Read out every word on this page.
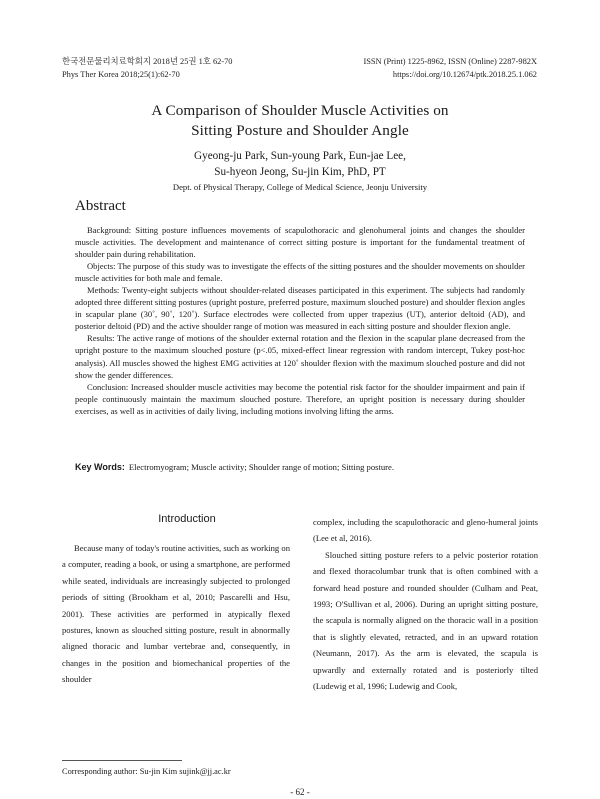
한국전문물리치료학회지 2018년 25권 1호 62-70
Phys Ther Korea 2018;25(1):62-70
ISSN (Print) 1225-8962, ISSN (Online) 2287-982X
https://doi.org/10.12674/ptk.2018.25.1.062
A Comparison of Shoulder Muscle Activities on
Sitting Posture and Shoulder Angle
Gyeong-ju Park, Sun-young Park, Eun-jae Lee,
Su-hyeon Jeong, Su-jin Kim, PhD, PT
Dept. of Physical Therapy, College of Medical Science, Jeonju University
Abstract

Background: Sitting posture influences movements of scapulothoracic and glenohumeral joints and changes the shoulder muscle activities. The development and maintenance of correct sitting posture is important for the fundamental treatment of shoulder pain during rehabilitation.

Objects: The purpose of this study was to investigate the effects of the sitting postures and the shoulder movements on shoulder muscle activities for both male and female.

Methods: Twenty-eight subjects without shoulder-related diseases participated in this experiment. The subjects had randomly adopted three different sitting postures (upright posture, preferred posture, maximum slouched posture) and shoulder flexion angles in scapular plane (30˚, 90˚, 120˚). Surface electrodes were collected from upper trapezius (UT), anterior deltoid (AD), and posterior deltoid (PD) and the active shoulder range of motion was measured in each sitting posture and shoulder flexion angle.

Results: The active range of motions of the shoulder external rotation and the flexion in the scapular plane decreased from the upright posture to the maximum slouched posture (p<.05, mixed-effect linear regression with random intercept, Tukey post-hoc analysis). All muscles showed the highest EMG activities at 120˚ shoulder flexion with the maximum slouched posture and did not show the gender differences.

Conclusion: Increased shoulder muscle activities may become the potential risk factor for the shoulder impairment and pain if people continuously maintain the maximum slouched posture. Therefore, an upright position is necessary during shoulder exercises, as well as in activities of daily living, including motions involving lifting the arms.

Key Words: Electromyogram; Muscle activity; Shoulder range of motion; Sitting posture.
Introduction

Because many of today's routine activities, such as working on a computer, reading a book, or using a smartphone, are performed while seated, individuals are increasingly subjected to prolonged periods of sitting (Brookham et al, 2010; Pascarelli and Hsu, 2001). These activities are performed in atypically flexed postures, known as slouched sitting posture, result in abnormally aligned thoracic and lumbar vertebrae and, consequently, in changes in the position and biomechanical properties of the shoulder

complex, including the scapulothoracic and gleno-humeral joints (Lee et al, 2016).

Slouched sitting posture refers to a pelvic posterior rotation and flexed thoracolumbar trunk that is often combined with a forward head posture and rounded shoulder (Culham and Peat, 1993; O'Sullivan et al, 2006). During an upright sitting posture, the scapula is normally aligned on the thoracic wall in a position that is slightly elevated, retracted, and in an upward rotation (Neumann, 2017). As the arm is elevated, the scapula is upwardly and externally rotated and is posteriorly tilted (Ludewig et al, 1996; Ludewig and Cook,

Corresponding author: Su-jin Kim sujink@jj.ac.kr
- 62 -
